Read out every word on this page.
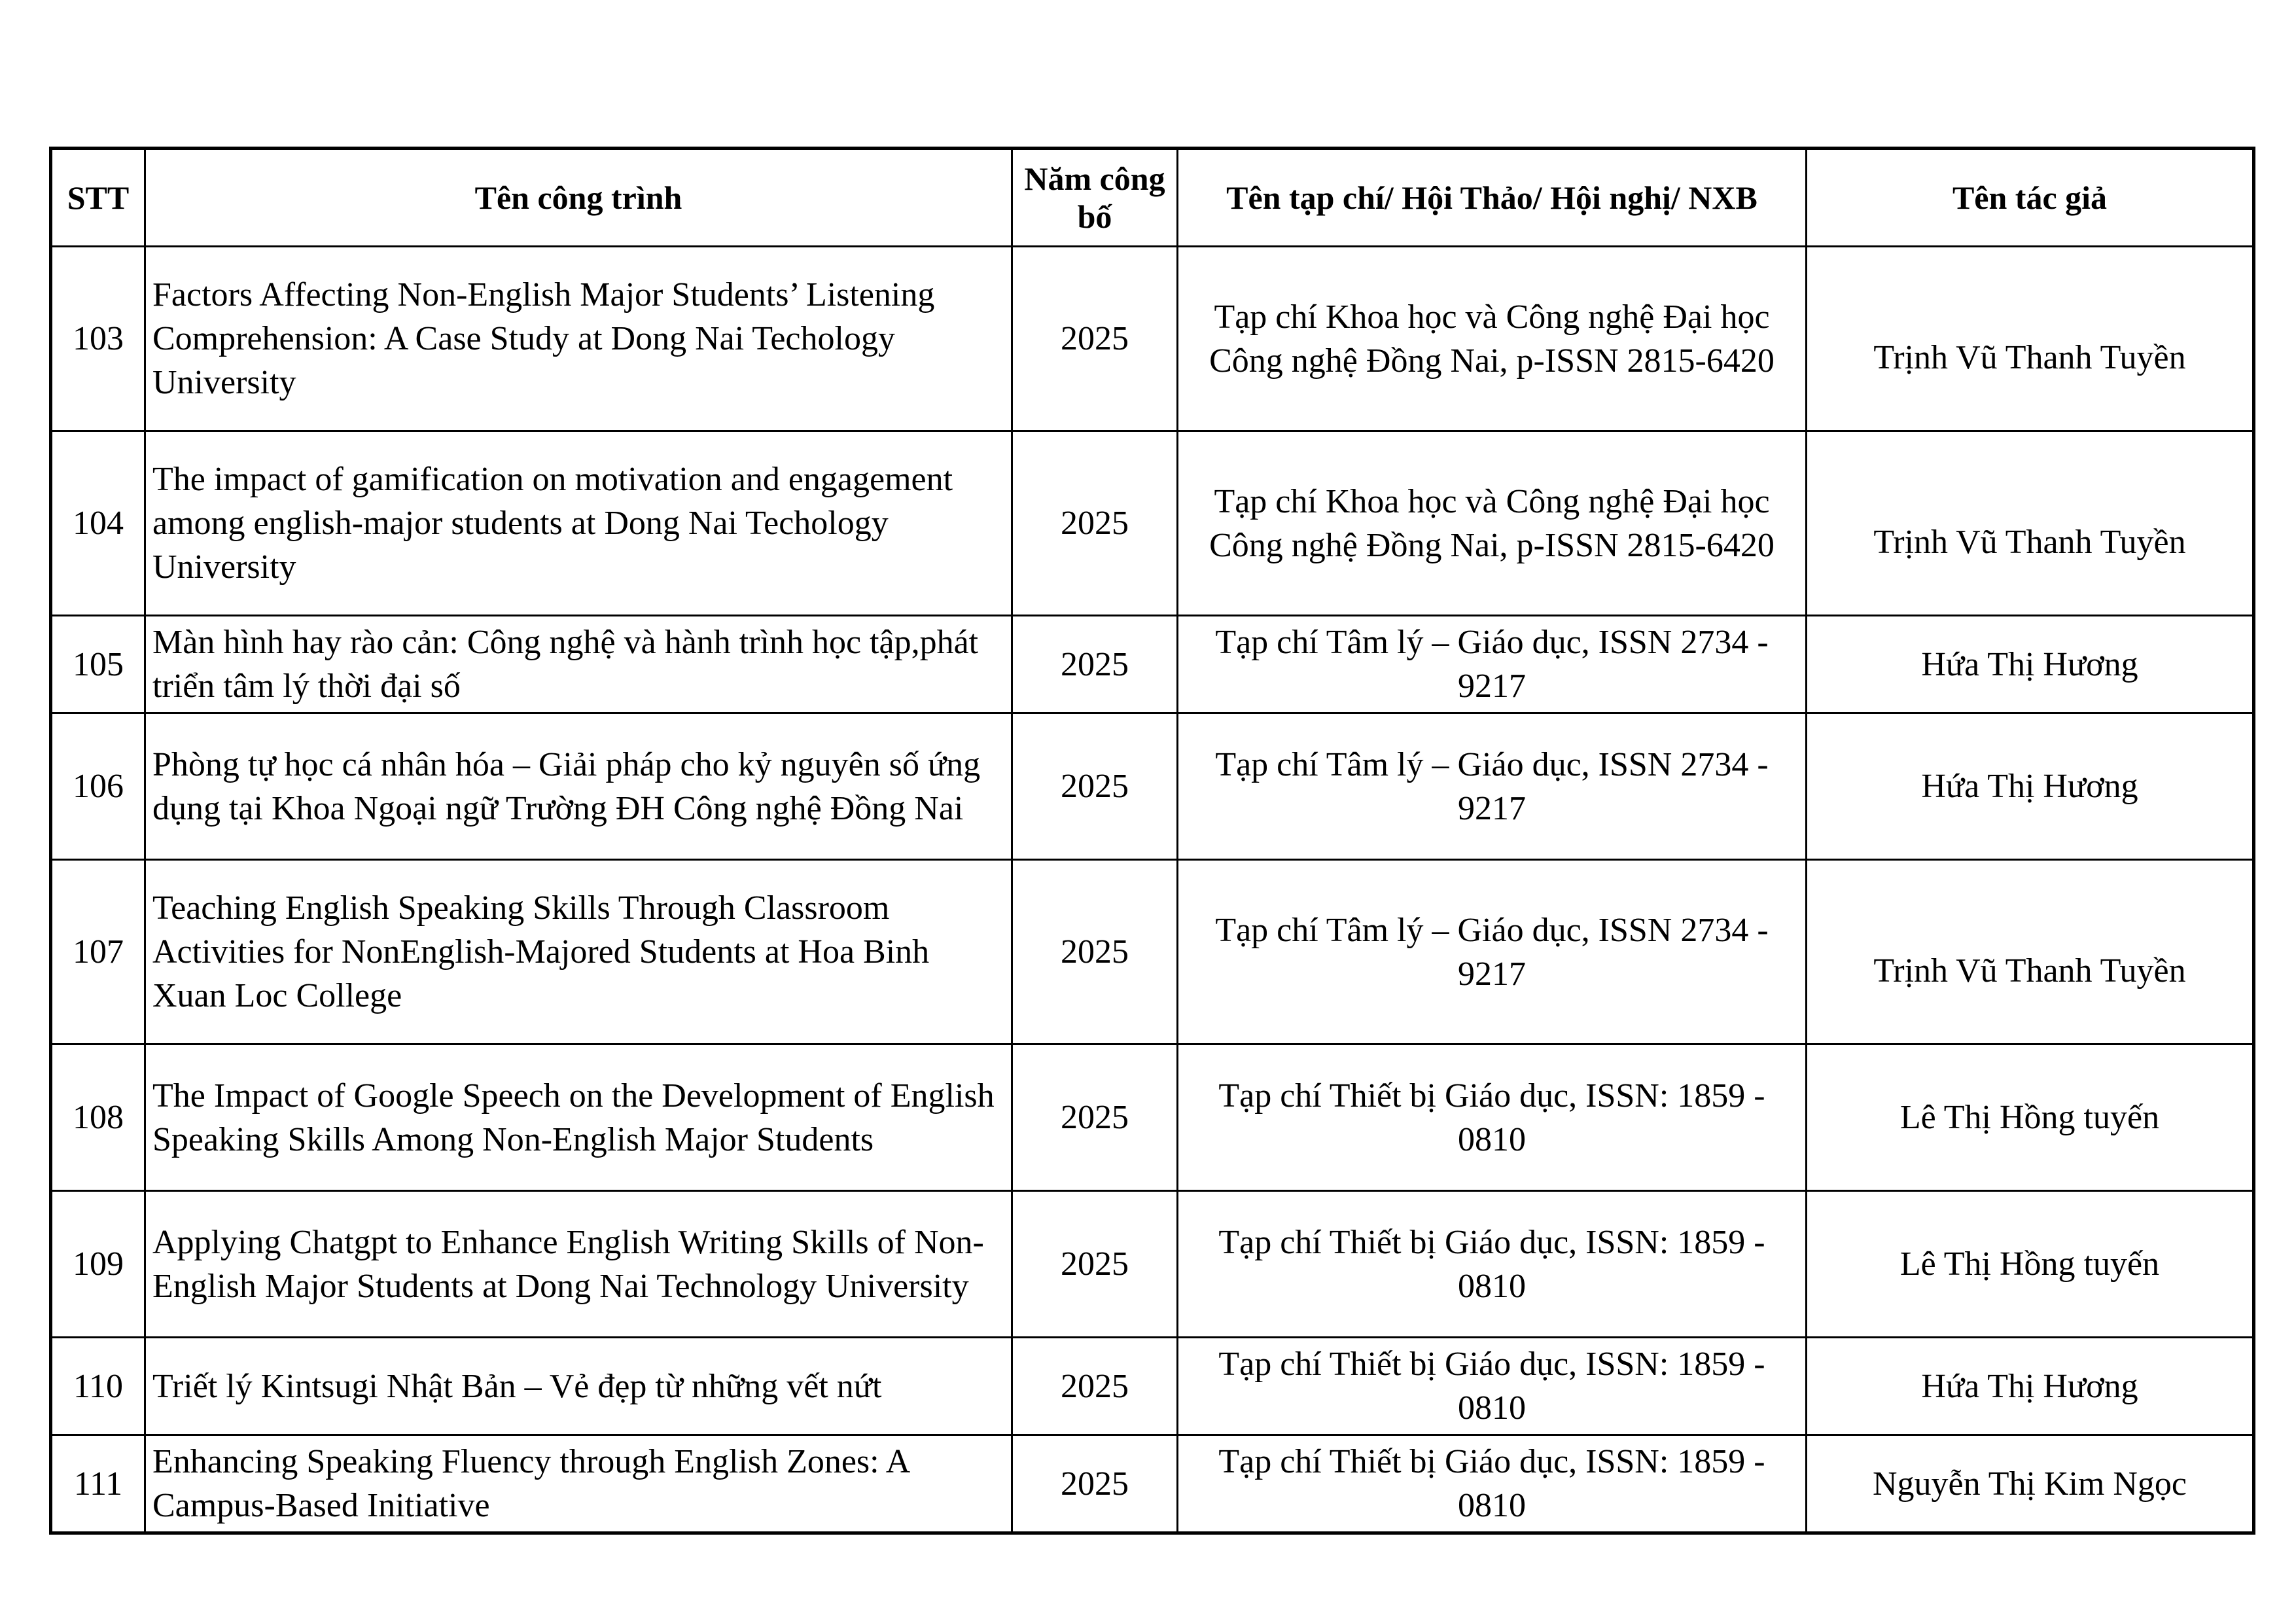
STT	Tên công trình	Năm công bố	Tên tạp chí/ Hội Thảo/ Hội nghị/ NXB	Tên tác giả
103	Factors Affecting Non-English Major Students’ Listening Comprehension: A Case Study at Dong Nai Techology University	2025	Tạp chí Khoa học và Công nghệ Đại học Công nghệ Đồng Nai, p-ISSN 2815-6420	Trịnh Vũ Thanh Tuyền
104	The impact of gamification on motivation and engagement among english-major students at Dong Nai Techology University	2025	Tạp chí Khoa học và Công nghệ Đại học Công nghệ Đồng Nai, p-ISSN 2815-6420	Trịnh Vũ Thanh Tuyền
105	Màn hình hay rào cản: Công nghệ và hành trình học tập,phát triển tâm lý thời đại số	2025	Tạp chí Tâm lý – Giáo dục, ISSN 2734 - 9217	Hứa Thị Hương
106	Phòng tự học cá nhân hóa – Giải pháp cho kỷ nguyên số ứng dụng tại Khoa Ngoại ngữ Trường ĐH Công nghệ Đồng Nai	2025	Tạp chí Tâm lý – Giáo dục, ISSN 2734 - 9217	Hứa Thị Hương
107	Teaching English Speaking Skills Through Classroom Activities for NonEnglish-Majored Students at Hoa Binh Xuan Loc College	2025	Tạp chí Tâm lý – Giáo dục, ISSN 2734 - 9217	Trịnh Vũ Thanh Tuyền
108	The Impact of Google Speech on the Development of English Speaking Skills Among Non-English Major Students	2025	Tạp chí Thiết bị Giáo dục, ISSN: 1859 - 0810	Lê Thị Hồng tuyến
109	Applying Chatgpt to Enhance English Writing Skills of Non-English Major Students at Dong Nai Technology University	2025	Tạp chí Thiết bị Giáo dục, ISSN: 1859 - 0810	Lê Thị Hồng tuyến
110	Triết lý Kintsugi Nhật Bản – Vẻ đẹp từ những vết nứt	2025	Tạp chí Thiết bị Giáo dục, ISSN: 1859 - 0810	Hứa Thị Hương
111	Enhancing Speaking Fluency through English Zones: A Campus-Based Initiative	2025	Tạp chí Thiết bị Giáo dục, ISSN: 1859 - 0810	Nguyễn Thị Kim Ngọc
